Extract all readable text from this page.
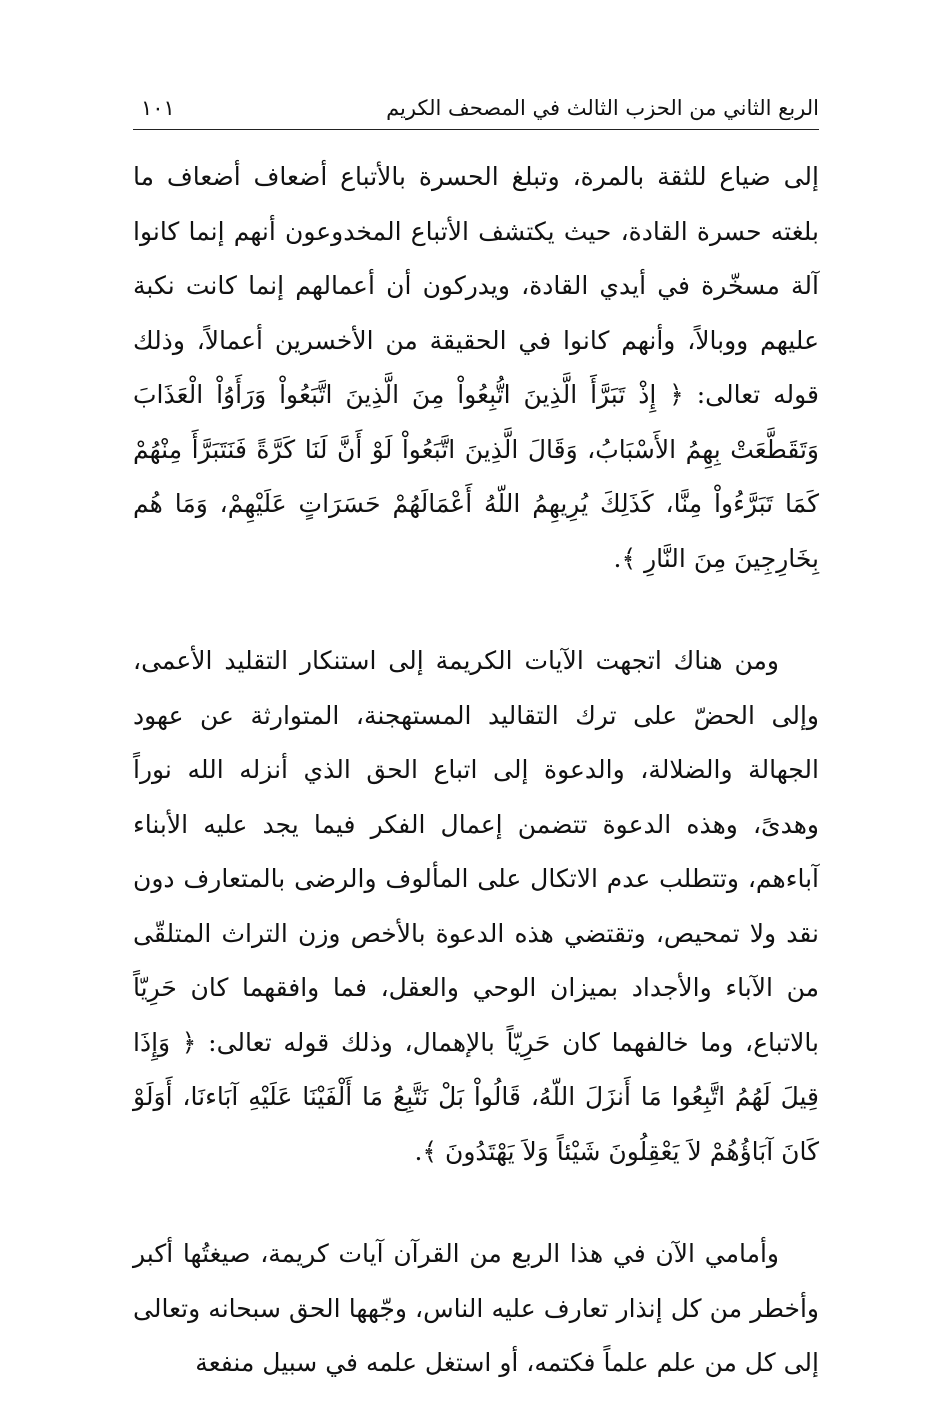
الربع الثاني من الحزب الثالث في المصحف الكريم
١٠١

إلى ضياع للثقة بالمرة، وتبلغ الحسرة بالأتباع أضعاف أضعاف ما بلغته حسرة القادة، حيث يكتشف الأتباع المخدوعون أنهم إنما كانوا آلة مسخّرة في أيدي القادة، ويدركون أن أعمالهم إنما كانت نكبة عليهم ووبالاً، وأنهم كانوا في الحقيقة من الأخسرين أعمالاً، وذلك قوله تعالى: ﴿ إِذْ تَبَرَّأَ الَّذِينَ اتُّبِعُواْ مِنَ الَّذِينَ اتَّبَعُواْ وَرَأَوُاْ الْعَذَابَ وَتَقَطَّعَتْ بِهِمُ الأَسْبَابُ، وَقَالَ الَّذِينَ اتَّبَعُواْ لَوْ أَنَّ لَنَا كَرَّةً فَنَتَبَرَّأَ مِنْهُمْ كَمَا تَبَرَّءُواْ مِنَّا، كَذَلِكَ يُرِيهِمُ اللّهُ أَعْمَالَهُمْ حَسَرَاتٍ عَلَيْهِمْ، وَمَا هُم بِخَارِجِينَ مِنَ النَّارِ ﴾.

ومن هناك اتجهت الآيات الكريمة إلى استنكار التقليد الأعمى، وإلى الحضّ على ترك التقاليد المستهجنة، المتوارثة عن عهود الجهالة والضلالة، والدعوة إلى اتباع الحق الذي أنزله الله نوراً وهدىً، وهذه الدعوة تتضمن إعمال الفكر فيما يجد عليه الأبناء آباءهم، وتتطلب عدم الاتكال على المألوف والرضى بالمتعارف دون نقد ولا تمحيص، وتقتضي هذه الدعوة بالأخص وزن التراث المتلقّى من الآباء والأجداد بميزان الوحي والعقل، فما وافقهما كان حَرِيّاً بالاتباع، وما خالفهما كان حَرِيّاً بالإهمال، وذلك قوله تعالى: ﴿ وَإِذَا قِيلَ لَهُمُ اتَّبِعُوا مَا أَنزَلَ اللّهُ، قَالُواْ بَلْ نَتَّبِعُ مَا أَلْفَيْنَا عَلَيْهِ آبَاءنَا، أَوَلَوْ كَانَ آبَاؤُهُمْ لاَ يَعْقِلُونَ شَيْئاً وَلاَ يَهْتَدُونَ ﴾.

وأمامي الآن في هذا الربع من القرآن آيات كريمة، صيغتُها أكبر وأخطر من كل إنذار تعارف عليه الناس، وجّهها الحق سبحانه وتعالى إلى كل من علم علماً فكتمه، أو استغل علمه في سبيل منفعة
